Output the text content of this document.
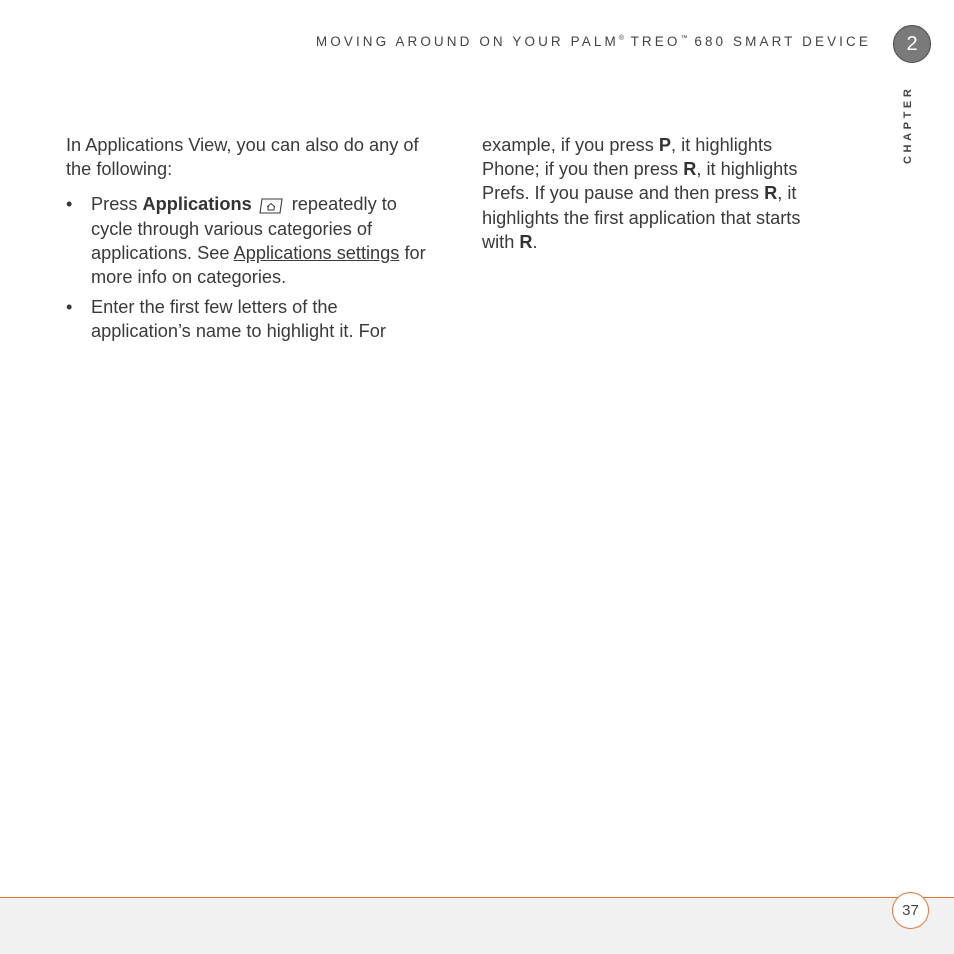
MOVING AROUND ON YOUR PALM® TREO™ 680 SMART DEVICE	2
CHAPTER

In Applications View, you can also do any of the following:

• Press Applications repeatedly to cycle through various categories of applications. See Applications settings for more info on categories.
• Enter the first few letters of the application’s name to highlight it. For

example, if you press P, it highlights Phone; if you then press R, it highlights Prefs. If you pause and then press R, it highlights the first application that starts with R.

37
